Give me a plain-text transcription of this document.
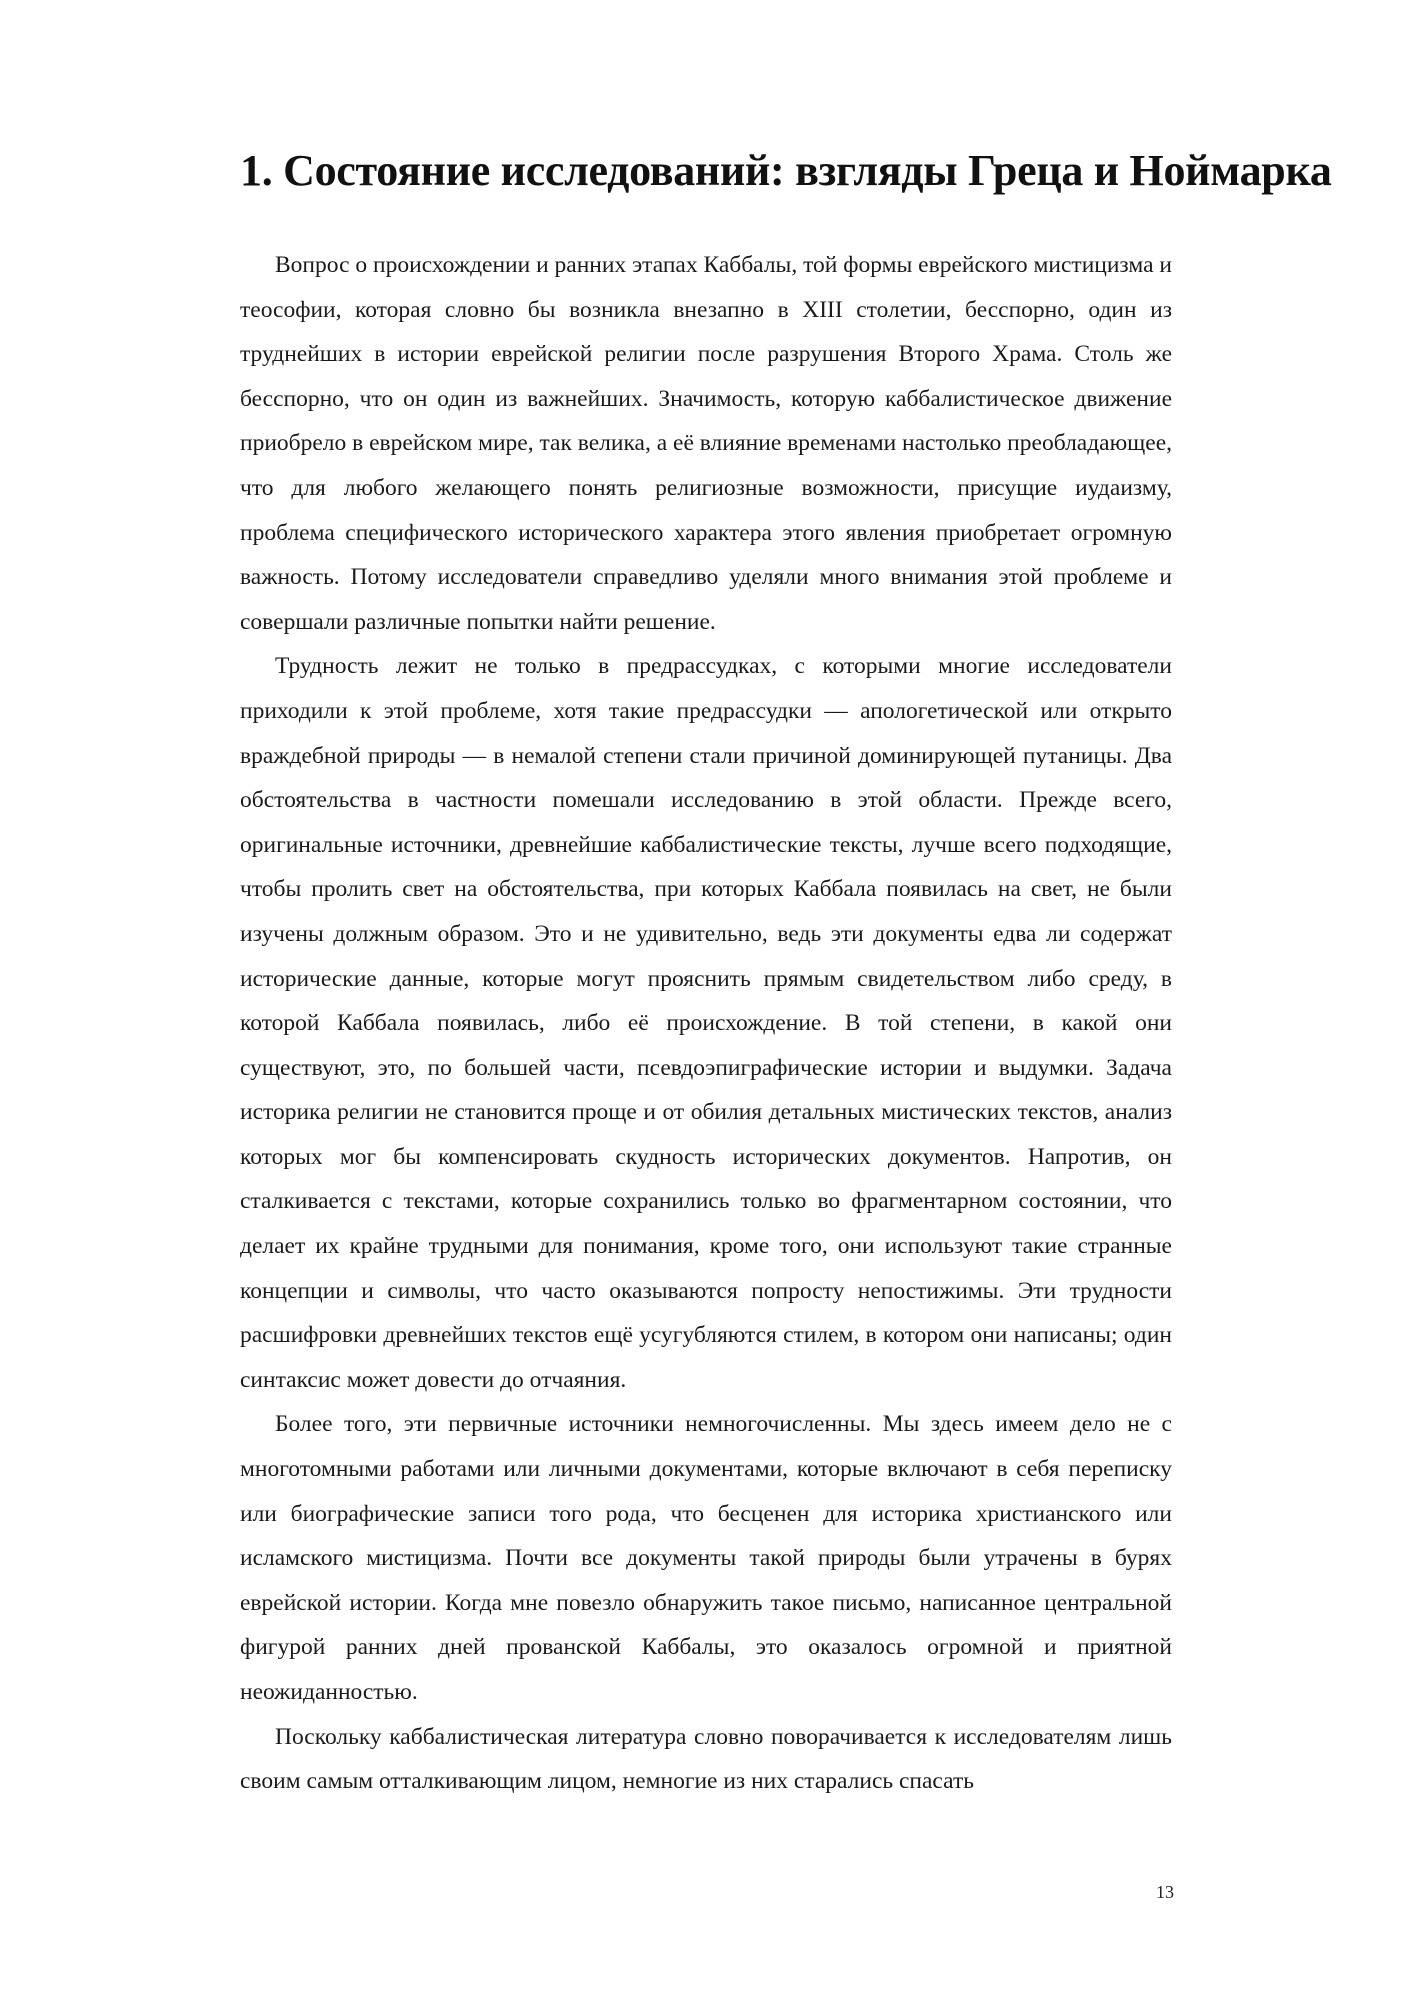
1. Состояние исследований: взгляды Греца и Ноймарка

Вопрос о происхождении и ранних этапах Каббалы, той формы еврейского мистицизма и теософии, которая словно бы возникла внезапно в XIII столетии, бесспорно, один из труднейших в истории еврейской религии после разрушения Второго Храма. Столь же бесспорно, что он один из важнейших. Значимость, которую каббалистическое движение приобрело в еврейском мире, так велика, а её влияние временами настолько преобладающее, что для любого желающего понять религиозные возможности, присущие иудаизму, проблема специфического исторического характера этого явления приобретает огромную важность. Потому исследователи справедливо уделяли много внимания этой проблеме и совершали различные попытки найти решение.

Трудность лежит не только в предрассудках, с которыми многие исследователи приходили к этой проблеме, хотя такие предрассудки — апологетической или открыто враждебной природы — в немалой степени стали причиной доминирующей путаницы. Два обстоятельства в частности помешали исследованию в этой области. Прежде всего, оригинальные источники, древнейшие каббалистические тексты, лучше всего подходящие, чтобы пролить свет на обстоятельства, при которых Каббала появилась на свет, не были изучены должным образом. Это и не удивительно, ведь эти документы едва ли содержат исторические данные, которые могут прояснить прямым свидетельством либо среду, в которой Каббала появилась, либо её происхождение. В той степени, в какой они существуют, это, по большей части, псевдоэпиграфические истории и выдумки. Задача историка религии не становится проще и от обилия детальных мистических текстов, анализ которых мог бы компенсировать скудность исторических документов. Напротив, он сталкивается с текстами, которые сохранились только во фрагментарном состоянии, что делает их крайне трудными для понимания, кроме того, они используют такие странные концепции и символы, что часто оказываются попросту непостижимы. Эти трудности расшифровки древнейших текстов ещё усугубляются стилем, в котором они написаны; один синтаксис может довести до отчаяния.

Более того, эти первичные источники немногочисленны. Мы здесь имеем дело не с многотомными работами или личными документами, которые включают в себя переписку или биографические записи того рода, что бесценен для историка христианского или исламского мистицизма. Почти все документы такой природы были утрачены в бурях еврейской истории. Когда мне повезло обнаружить такое письмо, написанное центральной фигурой ранних дней прованской Каббалы, это оказалось огромной и приятной неожиданностью.

Поскольку каббалистическая литература словно поворачивается к исследователям лишь своим самым отталкивающим лицом, немногие из них старались спасать

13
